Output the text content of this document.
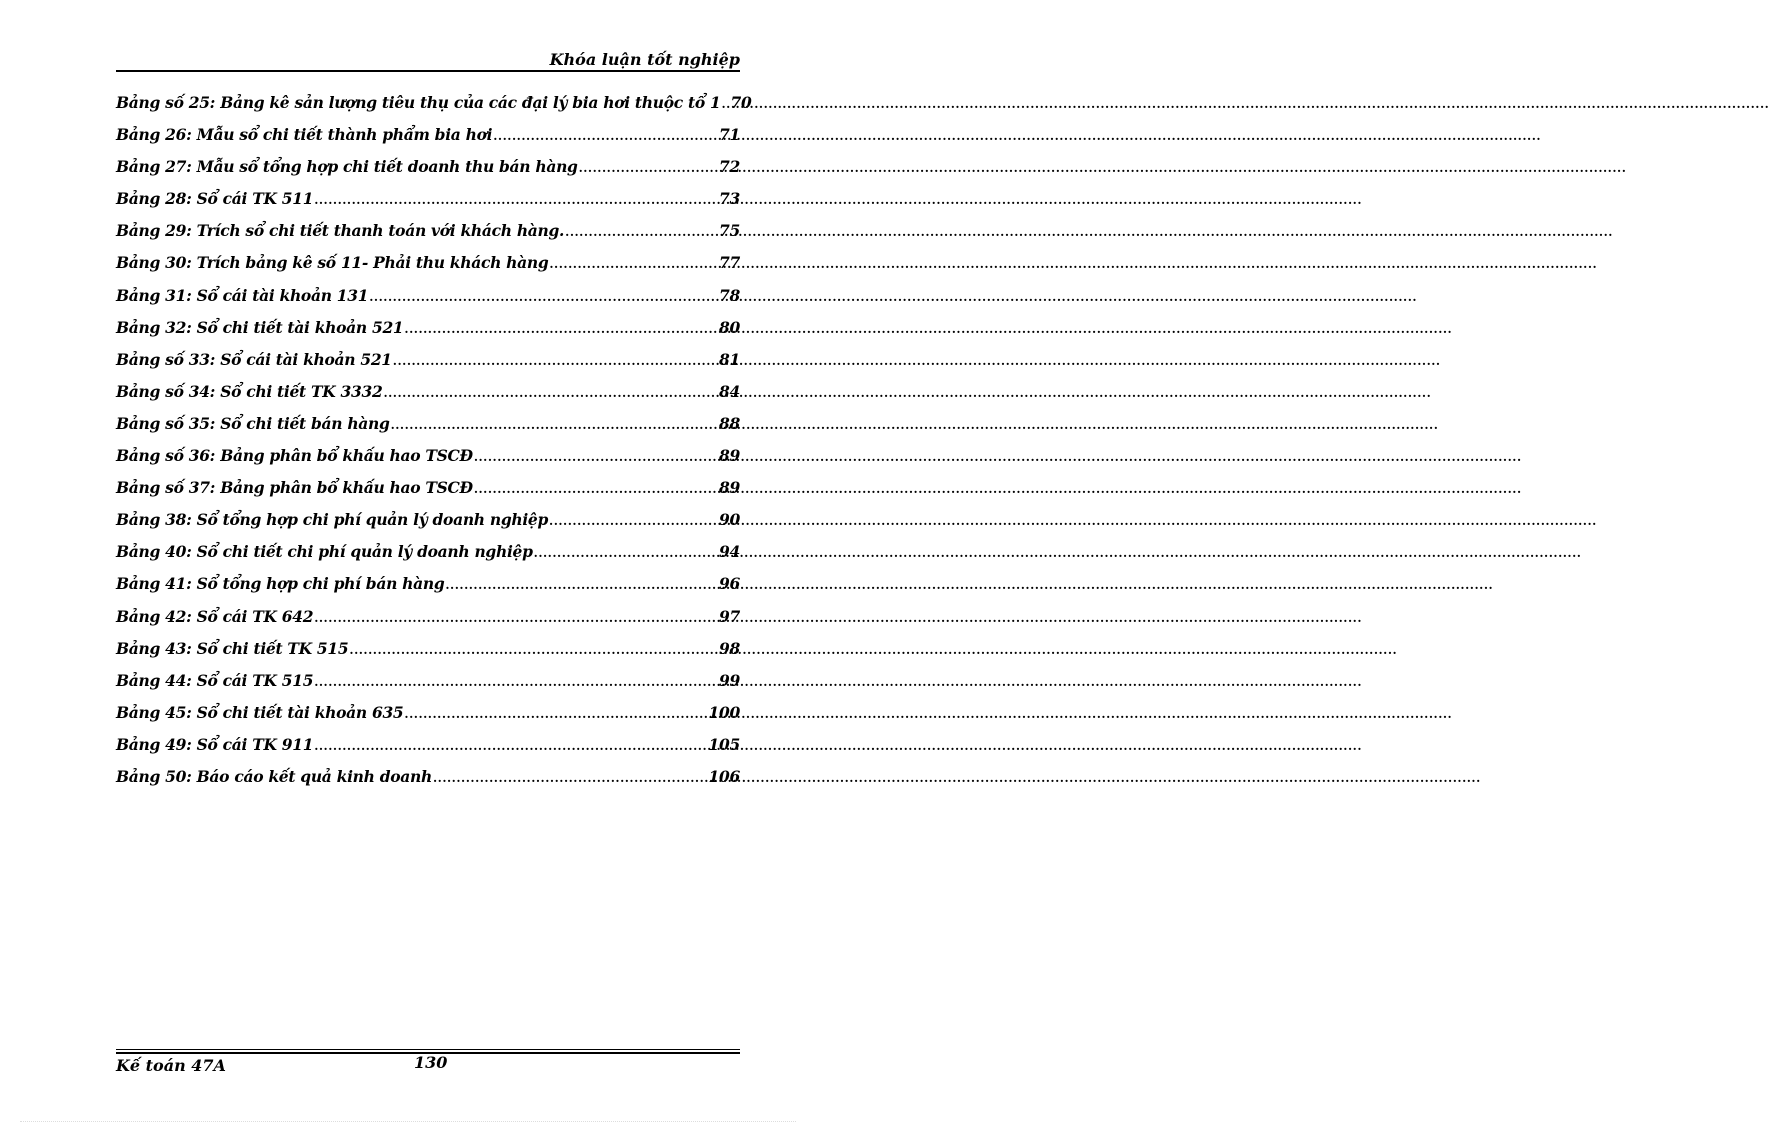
Khóa luận tốt nghiệp
Bảng số 25: Bảng kê sản lượng tiêu thụ của các đại lý bia hơi thuộc tổ 1 ..... 70
Bảng 26: Mẫu sổ chi tiết thành phẩm bia hơi .....	71
Bảng 27: Mẫu sổ tổng hợp chi tiết doanh thu bán hàng .....	72
Bảng 28: Sổ cái TK 511 .....	73
Bảng 29: Trích sổ chi tiết thanh toán với khách hàng. .....	75
Bảng 30: Trích bảng kê số 11- Phải thu khách hàng .....	77
Bảng 31: Sổ cái tài khoản 131 .....	78
Bảng 32: Sổ chi tiết tài khoản 521 .....	80
Bảng số 33: Sổ cái tài khoản 521 .....	81
Bảng số 34: Sổ chi tiết TK 3332 .....	84
Bảng số 35: Sổ chi tiết bán hàng .....	88
Bảng số 36: Bảng phân bổ khấu hao TSCĐ .....	89
Bảng số 37: Bảng phân bổ khấu hao TSCĐ .....	89
Bảng 38: Sổ tổng hợp chi phí quản lý doanh nghiệp .....	90
Bảng 40: Sổ chi tiết chi phí quản lý doanh nghiệp .....	94
Bảng 41: Sổ tổng hợp chi phí bán hàng .....	96
Bảng 42: Sổ cái TK 642 .....	97
Bảng 43: Sổ chi tiết TK 515 .....	98
Bảng 44: Sổ cái TK 515 .....	99
Bảng 45: Sổ chi tiết tài khoản 635 .....	100
Bảng 49: Sổ cái TK 911 .....	105
Bảng 50: Báo cáo kết quả kinh doanh .....	106
Kế toán 47A	130
